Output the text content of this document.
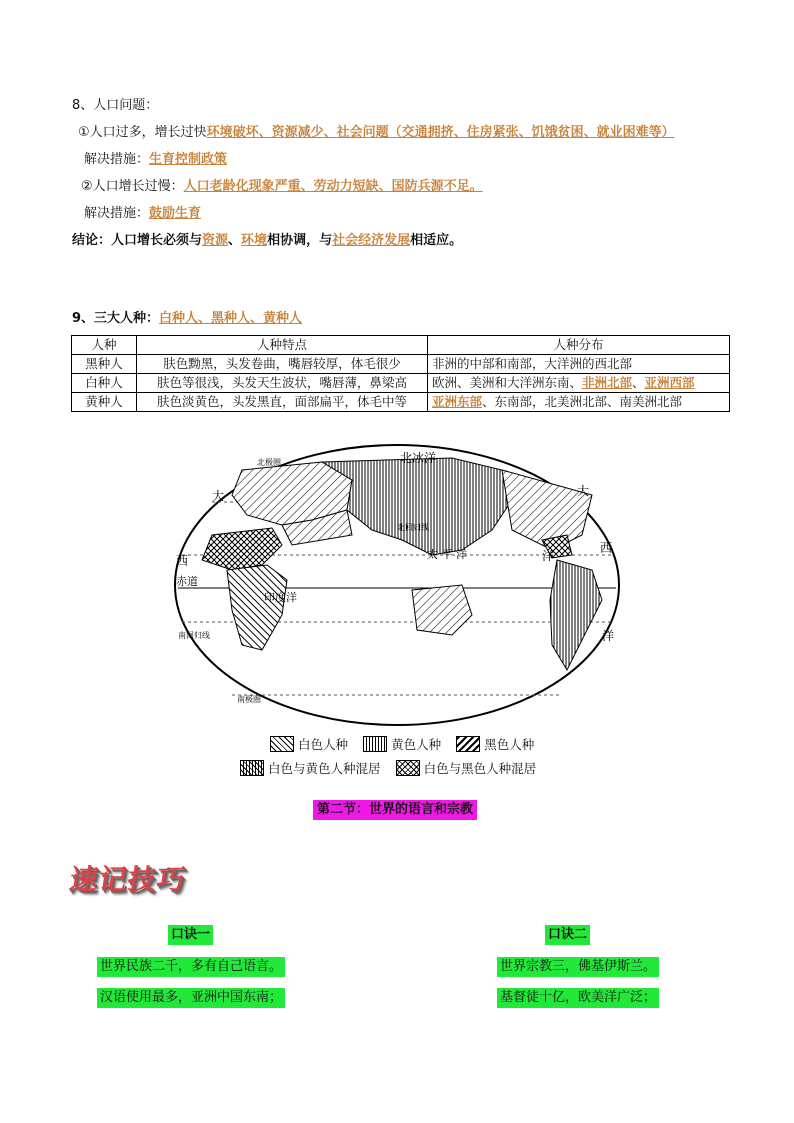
8、人口问题：
①人口过多，增长过快环境破坏、资源减少、社会问题（交通拥挤、住房紧张、饥饿贫困、就业困难等）
解决措施：生育控制政策
②人口增长过慢：人口老龄化现象严重、劳动力短缺、国防兵源不足。
解决措施：鼓励生育
结论：人口增长必须与资源、环境相协调，与社会经济发展相适应。
9、三大人种：白种人、黑种人、黄种人
人种	人种特点	人种分布
黑种人	肤色黝黑，头发卷曲，嘴唇较厚，体毛很少	非洲的中部和南部，大洋洲的西北部
白种人	肤色等很浅，头发天生波状，嘴唇薄，鼻梁高	欧洲、美洲和大洋洲东南、非洲北部、亚洲西部
黄种人	肤色淡黄色，头发黑直，面部扁平，体毛中等	亚洲东部、东南部，北美洲北部、南美洲北部
北冰洋
北极圈
北回归线
太 平 洋
印度洋
赤道
南回归线
南极圈
大	大
西
西
洋
洋
白色人种	黄色人种	黑色人种
白色与黄色人种混居	白色与黑色人种混居
第二节：世界的语言和宗教
速记技巧
口诀一
世界民族二千，多有自己语言。
汉语使用最多，亚洲中国东南；
口诀二
世界宗教三，佛基伊斯兰。
基督徒十亿，欧美洋广泛；
